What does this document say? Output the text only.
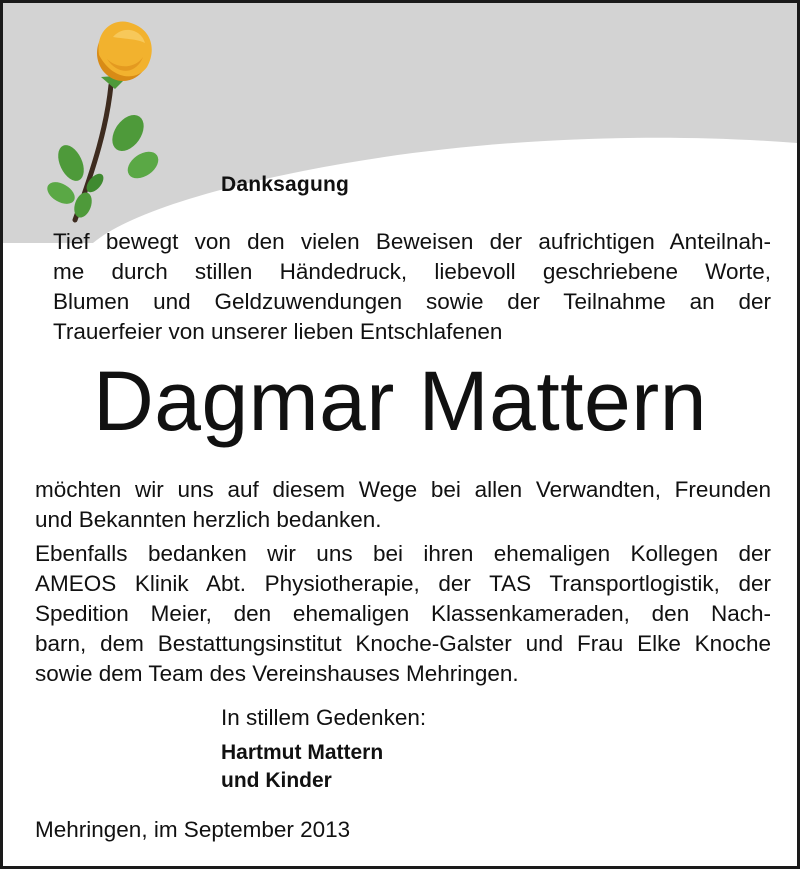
Danksagung

Tief bewegt von den vielen Beweisen der aufrichtigen Anteilnah-
me durch stillen Händedruck, liebevoll geschriebene Worte,
Blumen und Geldzuwendungen sowie der Teilnahme an der
Trauerfeier von unserer lieben Entschlafenen

Dagmar Mattern

möchten wir uns auf diesem Wege bei allen Verwandten, Freunden
und Bekannten herzlich bedanken.

Ebenfalls bedanken wir uns bei ihren ehemaligen Kollegen der
AMEOS Klinik Abt. Physiotherapie, der TAS Transportlogistik, der
Spedition Meier, den ehemaligen Klassenkameraden, den Nach-
barn, dem Bestattungsinstitut Knoche-Galster und Frau Elke Knoche
sowie dem Team des Vereinshauses Mehringen.

In stillem Gedenken:
Hartmut Mattern
und Kinder
Mehringen, im September 2013
